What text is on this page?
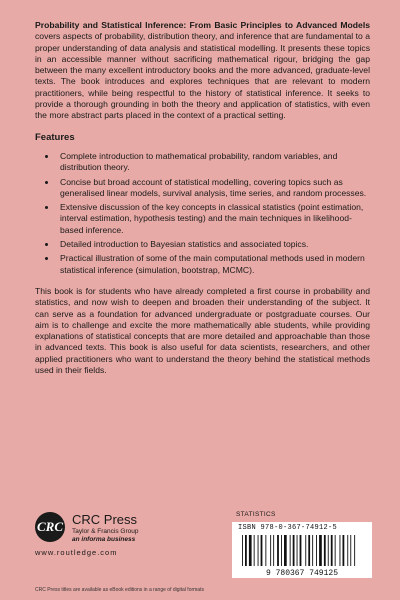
Probability and Statistical Inference: From Basic Principles to Advanced Models covers aspects of probability, distribution theory, and inference that are fundamental to a proper understanding of data analysis and statistical modelling. It presents these topics in an accessible manner without sacrificing mathematical rigour, bridging the gap between the many excellent introductory books and the more advanced, graduate-level texts. The book introduces and explores techniques that are relevant to modern practitioners, while being respectful to the history of statistical inference. It seeks to provide a thorough grounding in both the theory and application of statistics, with even the more abstract parts placed in the context of a practical setting.

Features
• Complete introduction to mathematical probability, random variables, and distribution theory.
• Concise but broad account of statistical modelling, covering topics such as generalised linear models, survival analysis, time series, and random processes.
• Extensive discussion of the key concepts in classical statistics (point estimation, interval estimation, hypothesis testing) and the main techniques in likelihood-based inference.
• Detailed introduction to Bayesian statistics and associated topics.
• Practical illustration of some of the main computational methods used in modern statistical inference (simulation, bootstrap, MCMC).

This book is for students who have already completed a first course in probability and statistics, and now wish to deepen and broaden their understanding of the subject. It can serve as a foundation for advanced undergraduate or postgraduate courses. Our aim is to challenge and excite the more mathematically able students, while providing explanations of statistical concepts that are more detailed and approachable than those in advanced texts. This book is also useful for data scientists, researchers, and other applied practitioners who want to understand the theory behind the statistical methods used in their fields.

CRC CRC Press
Taylor & Francis Group
an informa business
www.routledge.com
CRC Press titles are available as eBook editions in a range of digital formats
STATISTICS
ISBN 978-0-367-74912-5
9 780367 749125
